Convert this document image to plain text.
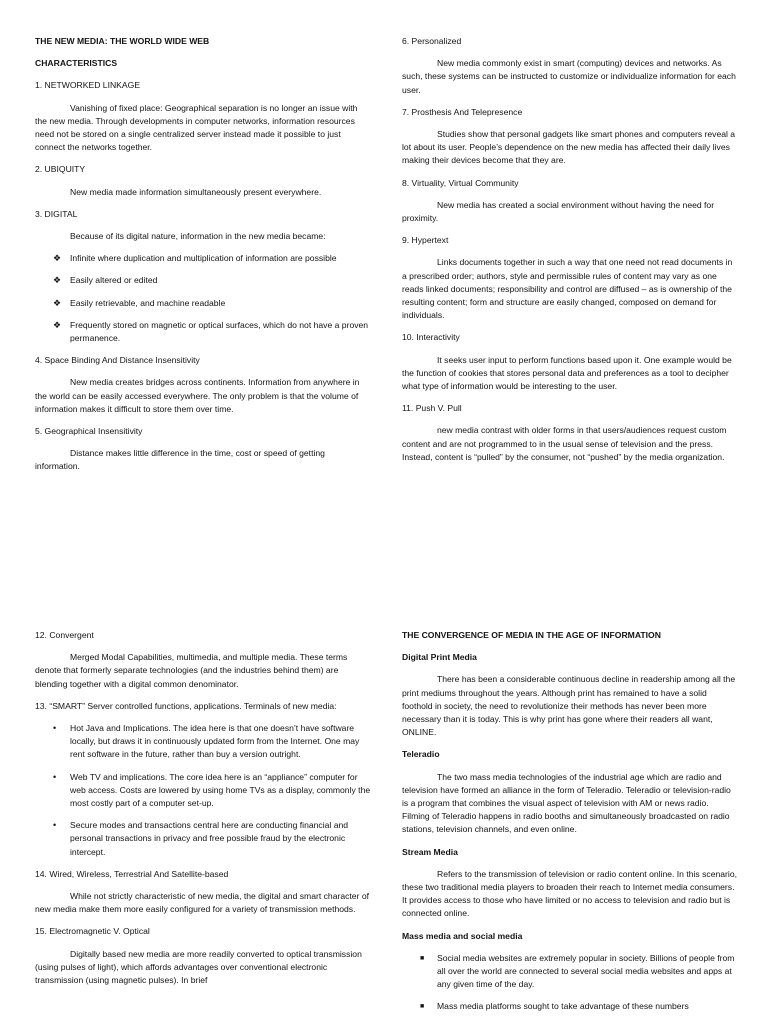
THE NEW MEDIA: THE WORLD WIDE WEB
CHARACTERISTICS
1. NETWORKED LINKAGE
Vanishing of fixed place: Geographical separation is no longer an issue with the new media. Through developments in computer networks, information resources need not be stored on a single centralized server instead made it possible to just connect the networks together.
2. UBIQUITY
New media made information simultaneously present everywhere.
3. DIGITAL
Because of its digital nature, information in the new media became:
❖ Infinite where duplication and multiplication of information are possible
❖ Easily altered or edited
❖ Easily retrievable, and machine readable
❖ Frequently stored on magnetic or optical surfaces, which do not have a proven permanence.
4. Space Binding And Distance Insensitivity
New media creates bridges across continents. Information from anywhere in the world can be easily accessed everywhere. The only problem is that the volume of information makes it difficult to store them over time.
5. Geographical Insensitivity
Distance makes little difference in the time, cost or speed of getting information.
6. Personalized
New media commonly exist in smart (computing) devices and networks. As such, these systems can be instructed to customize or individualize information for each user.
7. Prosthesis And Telepresence
Studies show that personal gadgets like smart phones and computers reveal a lot about its user. People’s dependence on the new media has affected their daily lives making their devices become that they are.
8. Virtuality, Virtual Community
New media has created a social environment without having the need for proximity.
9. Hypertext
Links documents together in such a way that one need not read documents in a prescribed order; authors, style and permissible rules of content may vary as one reads linked documents; responsibility and control are diffused – as is ownership of the resulting content; form and structure are easily changed, composed on demand for individuals.
10. Interactivity
It seeks user input to perform functions based upon it. One example would be the function of cookies that stores personal data and preferences as a tool to decipher what type of information would be interesting to the user.
11. Push V. Pull
new media contrast with older forms in that users/audiences request custom content and are not programmed to in the usual sense of television and the press. Instead, content is “pulled” by the consumer, not “pushed” by the media organization.
12. Convergent
Merged Modal Capabilities, multimedia, and multiple media. These terms denote that formerly separate technologies (and the industries behind them) are blending together with a digital common denominator.
13. “SMART” Server controlled functions, applications. Terminals of new media:
• Hot Java and Implications. The idea here is that one doesn’t have software locally, but draws it in continuously updated form from the Internet. One may rent software in the future, rather than buy a version outright.
• Web TV and implications. The core idea here is an “appliance” computer for web access. Costs are lowered by using home TVs as a display, commonly the most costly part of a computer set-up.
• Secure modes and transactions central here are conducting financial and personal transactions in privacy and free possible fraud by the electronic intercept.
14. Wired, Wireless, Terrestrial And Satellite-based
While not strictly characteristic of new media, the digital and smart character of new media make them more easily configured for a variety of transmission methods.
15. Electromagnetic V. Optical
Digitally based new media are more readily converted to optical transmission (using pulses of light), which affords advantages over conventional electronic transmission (using magnetic pulses). In brief
THE CONVERGENCE OF MEDIA IN THE AGE OF INFORMATION
Digital Print Media
There has been a considerable continuous decline in readership among all the print mediums throughout the years. Although print has remained to have a solid foothold in society, the need to revolutionize their methods has never been more necessary than it is today. This is why print has gone where their readers all want, ONLINE.
Teleradio
The two mass media technologies of the industrial age which are radio and television have formed an alliance in the form of Teleradio. Teleradio or television-radio is a program that combines the visual aspect of television with AM or news radio. Filming of Teleradio happens in radio booths and simultaneously broadcasted on radio stations, television channels, and even online.
Stream Media
Refers to the transmission of television or radio content online. In this scenario, these two traditional media players to broaden their reach to Internet media consumers. It provides access to those who have limited or no access to television and radio but is connected online.
Mass media and social media
■ Social media websites are extremely popular in society. Billions of people from all over the world are connected to several social media websites and apps at any given time of the day.
■ Mass media platforms sought to take advantage of these numbers
